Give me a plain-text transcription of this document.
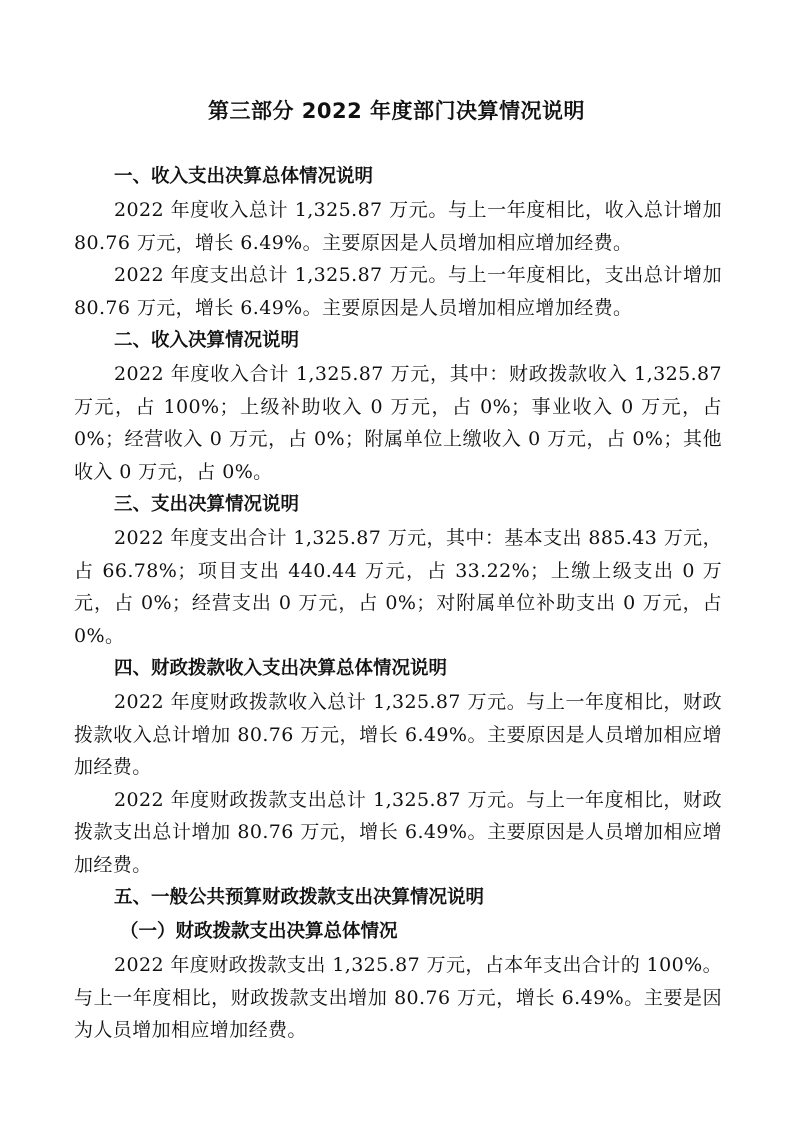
第三部分 2022 年度部门决算情况说明

一、收入支出决算总体情况说明

2022 年度收入总计 1,325.87 万元。与上一年度相比，收入总计增加 80.76 万元，增长 6.49%。主要原因是人员增加相应增加经费。

2022 年度支出总计 1,325.87 万元。与上一年度相比，支出总计增加 80.76 万元，增长 6.49%。主要原因是人员增加相应增加经费。

二、收入决算情况说明

2022 年度收入合计 1,325.87 万元，其中：财政拨款收入 1,325.87 万元，占 100%；上级补助收入 0 万元，占 0%；事业收入 0 万元，占 0%；经营收入 0 万元，占 0%；附属单位上缴收入 0 万元，占 0%；其他收入 0 万元，占 0%。

三、支出决算情况说明

2022 年度支出合计 1,325.87 万元，其中：基本支出 885.43 万元，占 66.78%；项目支出 440.44 万元，占 33.22%；上缴上级支出 0 万元，占 0%；经营支出 0 万元，占 0%；对附属单位补助支出 0 万元，占 0%。

四、财政拨款收入支出决算总体情况说明

2022 年度财政拨款收入总计 1,325.87 万元。与上一年度相比，财政拨款收入总计增加 80.76 万元，增长 6.49%。主要原因是人员增加相应增加经费。

2022 年度财政拨款支出总计 1,325.87 万元。与上一年度相比，财政拨款支出总计增加 80.76 万元，增长 6.49%。主要原因是人员增加相应增加经费。

五、一般公共预算财政拨款支出决算情况说明

（一）财政拨款支出决算总体情况

2022 年度财政拨款支出 1,325.87 万元，占本年支出合计的 100%。与上一年度相比，财政拨款支出增加 80.76 万元，增长 6.49%。主要是因为人员增加相应增加经费。
